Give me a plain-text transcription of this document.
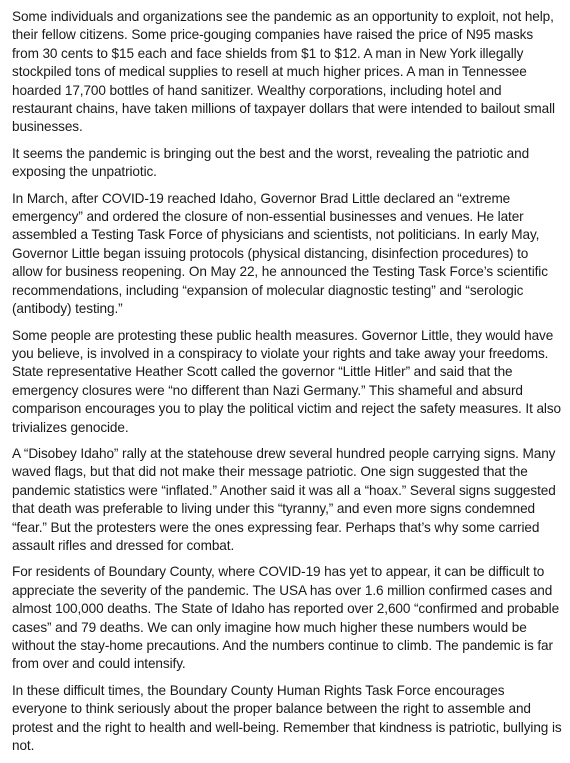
Some individuals and organizations see the pandemic as an opportunity to exploit, not help, their fellow citizens. Some price-gouging companies have raised the price of N95 masks from 30 cents to $15 each and face shields from $1 to $12. A man in New York illegally stockpiled tons of medical supplies to resell at much higher prices. A man in Tennessee hoarded 17,700 bottles of hand sanitizer. Wealthy corporations, including hotel and restaurant chains, have taken millions of taxpayer dollars that were intended to bailout small businesses.

It seems the pandemic is bringing out the best and the worst, revealing the patriotic and exposing the unpatriotic.

In March, after COVID-19 reached Idaho, Governor Brad Little declared an “extreme emergency” and ordered the closure of non-essential businesses and venues. He later assembled a Testing Task Force of physicians and scientists, not politicians. In early May, Governor Little began issuing protocols (physical distancing, disinfection procedures) to allow for business reopening. On May 22, he announced the Testing Task Force’s scientific recommendations, including “expansion of molecular diagnostic testing” and “serologic (antibody) testing.”

Some people are protesting these public health measures. Governor Little, they would have you believe, is involved in a conspiracy to violate your rights and take away your freedoms. State representative Heather Scott called the governor “Little Hitler” and said that the emergency closures were “no different than Nazi Germany.” This shameful and absurd comparison encourages you to play the political victim and reject the safety measures. It also trivializes genocide.

A “Disobey Idaho” rally at the statehouse drew several hundred people carrying signs. Many waved flags, but that did not make their message patriotic. One sign suggested that the pandemic statistics were “inflated.” Another said it was all a “hoax.” Several signs suggested that death was preferable to living under this “tyranny,” and even more signs condemned “fear.” But the protesters were the ones expressing fear. Perhaps that’s why some carried assault rifles and dressed for combat.

For residents of Boundary County, where COVID-19 has yet to appear, it can be difficult to appreciate the severity of the pandemic. The USA has over 1.6 million confirmed cases and almost 100,000 deaths. The State of Idaho has reported over 2,600 “confirmed and probable cases” and 79 deaths. We can only imagine how much higher these numbers would be without the stay-home precautions. And the numbers continue to climb. The pandemic is far from over and could intensify.

In these difficult times, the Boundary County Human Rights Task Force encourages everyone to think seriously about the proper balance between the right to assemble and protest and the right to health and well-being. Remember that kindness is patriotic, bullying is not.
